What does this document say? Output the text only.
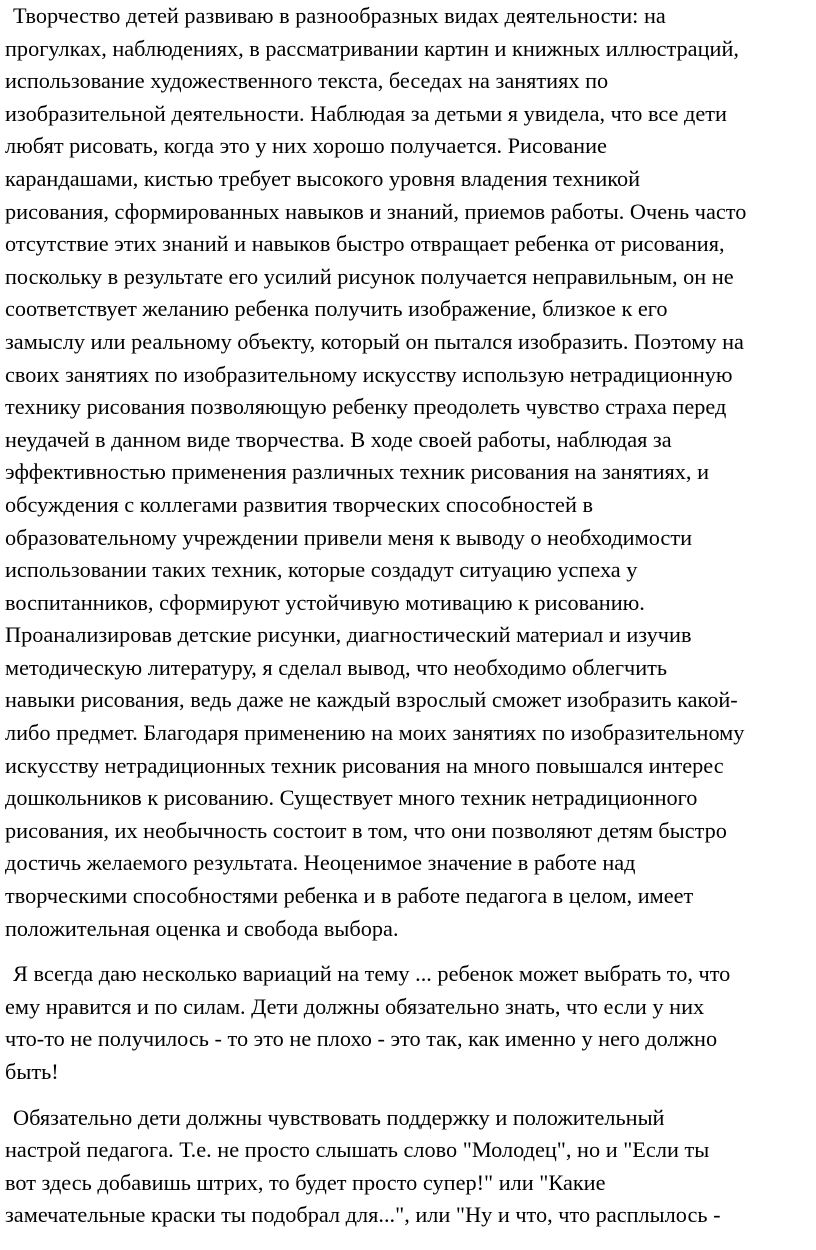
Творчество детей развиваю в разнообразных видах деятельности: на
прогулках, наблюдениях, в рассматривании картин и книжных иллюстраций,
использование художественного текста, беседах на занятиях по
изобразительной деятельности. Наблюдая за детьми я увидела, что все дети
любят рисовать, когда это у них хорошо получается. Рисование
карандашами, кистью требует высокого уровня владения техникой
рисования, сформированных навыков и знаний, приемов работы. Очень часто
отсутствие этих знаний и навыков быстро отвращает ребенка от рисования,
поскольку в результате его усилий рисунок получается неправильным, он не
соответствует желанию ребенка получить изображение, близкое к его
замыслу или реальному объекту, который он пытался изобразить. Поэтому на
своих занятиях по изобразительному искусству использую нетрадиционную
технику рисования позволяющую ребенку преодолеть чувство страха перед
неудачей в данном виде творчества. В ходе своей работы, наблюдая за
эффективностью применения различных техник рисования на занятиях, и
обсуждения с коллегами развития творческих способностей в
образовательному учреждении привели меня к выводу о необходимости
использовании таких техник, которые создадут ситуацию успеха у
воспитанников, сформируют устойчивую мотивацию к рисованию.
Проанализировав детские рисунки, диагностический материал и изучив
методическую литературу, я сделал вывод, что необходимо облегчить
навыки рисования, ведь даже не каждый взрослый сможет изобразить какой-
либо предмет. Благодаря применению на моих занятиях по изобразительному
искусству нетрадиционных техник рисования на много повышался интерес
дошкольников к рисованию. Существует много техник нетрадиционного
рисования, их необычность состоит в том, что они позволяют детям быстро
достичь желаемого результата. Неоценимое значение в работе над
творческими способностями ребенка и в работе педагога в целом, имеет
положительная оценка и свобода выбора.

Я всегда даю несколько вариаций на тему ... ребенок может выбрать то, что
ему нравится и по силам. Дети должны обязательно знать, что если у них
что-то не получилось - то это не плохо - это так, как именно у него должно
быть!

Обязательно дети должны чувствовать поддержку и положительный
настрой педагога. Т.е. не просто слышать слово "Молодец", но и "Если ты
вот здесь добавишь штрих, то будет просто супер!" или "Какие
замечательные краски ты подобрал для...", или "Ну и что, что расплылось -
